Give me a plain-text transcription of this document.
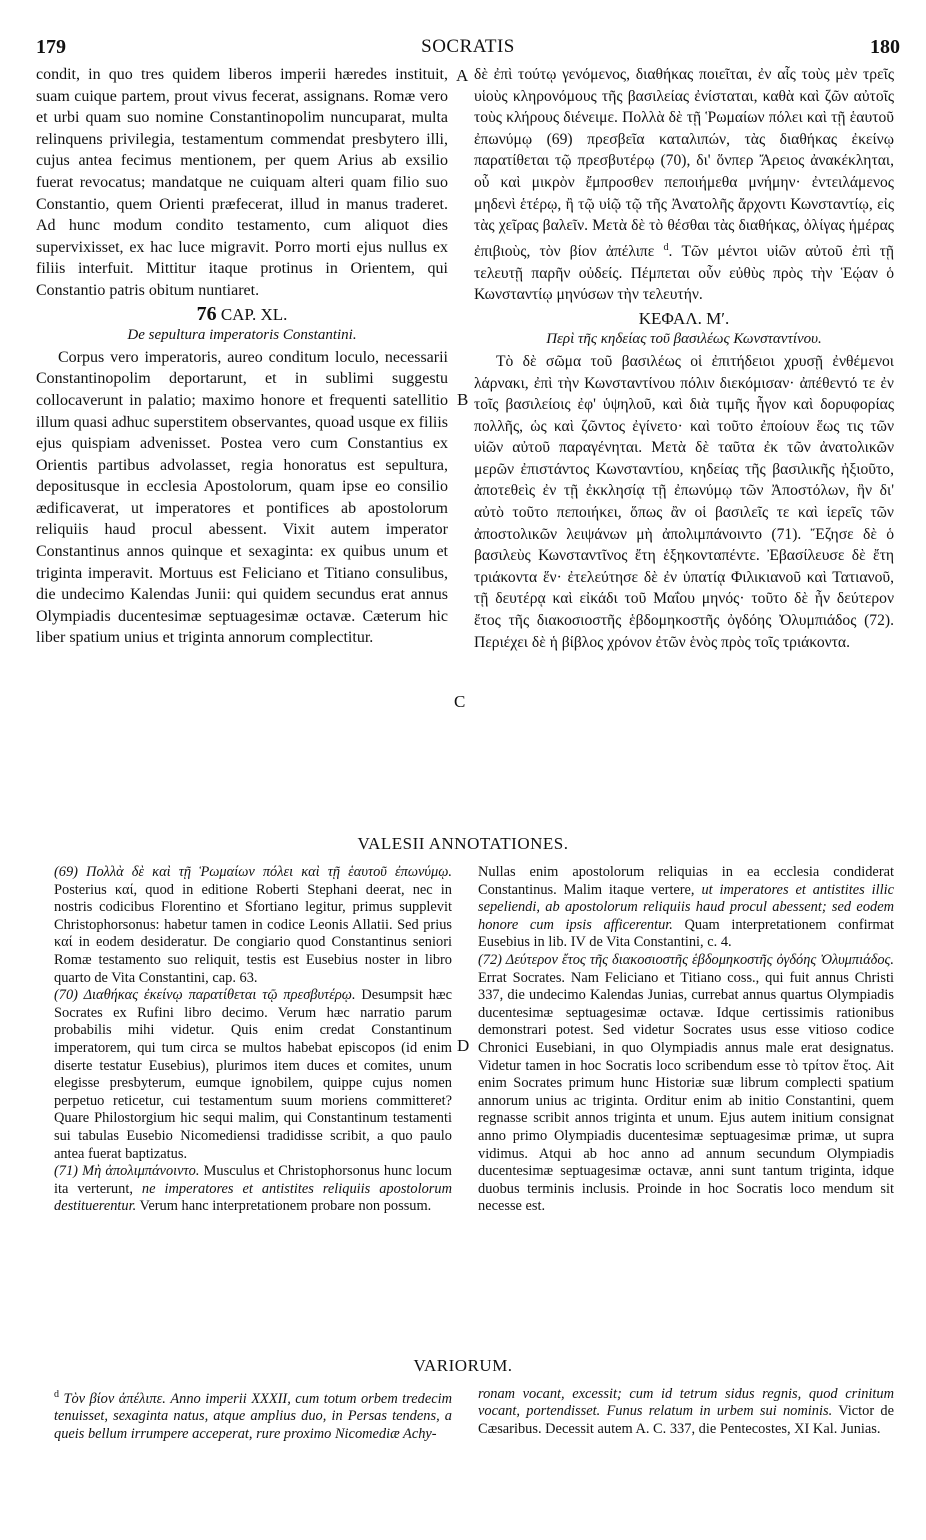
179	SOCRATIS	180
A
B
C
D

condit, in quo tres quidem liberos imperii hæredes instituit, suam cuique partem, prout vivus fecerat, assignans. Romæ vero et urbi quam suo nomine Constantinopolim nuncuparat, multa relinquens privilegia, testamentum commendat presbytero illi, cujus antea fecimus mentionem, per quem Arius ab exsilio fuerat revocatus; mandatque ne cuiquam alteri quam filio suo Constantio, quem Orienti præfecerat, illud in manus traderet. Ad hunc modum condito testamento, cum aliquot dies supervixisset, ex hac luce migravit. Porro morti ejus nullus ex filiis interfuit. Mittitur itaque protinus in Orientem, qui Constantio patris obitum nuntiaret.

76 CAP. XL.

De sepultura imperatoris Constantini.

Corpus vero imperatoris, aureo conditum loculo, necessarii Constantinopolim deportarunt, et in sublimi suggestu collocaverunt in palatio; maximo honore et frequenti satellitio illum quasi adhuc superstitem observantes, quoad usque ex filiis ejus quispiam advenisset. Postea vero cum Constantius ex Orientis partibus advolasset, regia honoratus est sepultura, depositusque in ecclesia Apostolorum, quam ipse eo consilio ædificaverat, ut imperatores et pontifices ab apostolorum reliquiis haud procul abessent. Vixit autem imperator Constantinus annos quinque et sexaginta: ex quibus unum et triginta imperavit. Mortuus est Feliciano et Titiano consulibus, die undecimo Kalendas Junii: qui quidem secundus erat annus Olympiadis ducentesimæ septuagesimæ octavæ. Cæterum hic liber spatium unius et triginta annorum complectitur.

δὲ ἐπὶ τούτῳ γενόμενος, διαθήκας ποιεῖται, ἐν αἷς τοὺς μὲν τρεῖς υἱοὺς κληρονόμους τῆς βασιλείας ἐνίσταται, καθὰ καὶ ζῶν αὐτοῖς τοὺς κλήρους διένειμε. Πολλὰ δὲ τῇ Ῥωμαίων πόλει καὶ τῇ ἑαυτοῦ ἐπωνύμῳ (69) πρεσβεῖα καταλιπών, τὰς διαθήκας ἐκείνῳ παρατίθεται τῷ πρεσβυτέρῳ (70), δι' ὅνπερ Ἄρειος ἀνακέκληται, οὗ καὶ μικρὸν ἔμπροσθεν πεποιήμεθα μνήμην· ἐντειλάμενος μηδενὶ ἑτέρῳ, ἢ τῷ υἱῷ τῷ τῆς Ἀνατολῆς ἄρχοντι Κωνσταντίῳ, εἰς τὰς χεῖρας βαλεῖν. Μετὰ δὲ τὸ θέσθαι τὰς διαθήκας, ὀλίγας ἡμέρας ἐπιβιοὺς, τὸν βίον ἀπέλιπε $^d$. Τῶν μέντοι υἱῶν αὐτοῦ ἐπὶ τῇ τελευτῇ παρῆν οὐδείς. Πέμπεται οὖν εὐθὺς πρὸς τὴν Ἑῴαν ὁ Κωνσταντίῳ μηνύσων τὴν τελευτήν.

ΚΕΦΑΛ. Μʹ.

Περὶ τῆς κηδείας τοῦ βασιλέως Κωνσταντίνου.

Τὸ δὲ σῶμα τοῦ βασιλέως οἱ ἐπιτήδειοι χρυσῇ ἐνθέμενοι λάρνακι, ἐπὶ τὴν Κωνσταντίνου πόλιν διεκόμισαν· ἀπέθεντό τε ἐν τοῖς βασιλείοις ἐφ' ὑψηλοῦ, καὶ διὰ τιμῆς ἦγον καὶ δορυφορίας πολλῆς, ὡς καὶ ζῶντος ἐγίνετο· καὶ τοῦτο ἐποίουν ἕως τις τῶν υἱῶν αὐτοῦ παραγένηται. Μετὰ δὲ ταῦτα ἐκ τῶν ἀνατολικῶν μερῶν ἐπιστάντος Κωνσταντίου, κηδείας τῆς βασιλικῆς ἠξιοῦτο, ἀποτεθεὶς ἐν τῇ ἐκκλησίᾳ τῇ ἐπωνύμῳ τῶν Ἀποστόλων, ἣν δι' αὐτὸ τοῦτο πεποιήκει, ὅπως ἂν οἱ βασιλεῖς τε καὶ ἱερεῖς τῶν ἀποστολικῶν λειψάνων μὴ ἀπολιμπάνοιντο (71). Ἔζησε δὲ ὁ βασιλεὺς Κωνσταντῖνος ἔτη ἑξηκονταπέντε. Ἐβασίλευσε δὲ ἔτη τριάκοντα ἕν· ἐτελεύτησε δὲ ἐν ὑπατίᾳ Φιλικιανοῦ καὶ Τατιανοῦ, τῇ δευτέρᾳ καὶ εἰκάδι τοῦ Μαΐου μηνός· τοῦτο δὲ ἦν δεύτερον ἔτος τῆς διακοσιοστῆς ἑβδομηκοστῆς ὀγδόης Ὀλυμπιάδος (72). Περιέχει δὲ ἡ βίβλος χρόνον ἐτῶν ἑνὸς πρὸς τοῖς τριάκοντα.

VALESII ANNOTATIONES.

(69) Πολλὰ δὲ καὶ τῇ Ῥωμαίων πόλει καὶ τῇ ἑαυτοῦ ἐπωνύμῳ. Posterius καί, quod in editione Roberti Stephani deerat, nec in nostris codicibus Florentino et Sfortiano legitur, primus supplevit Christophorsonus: habetur tamen in codice Leonis Allatii. Sed prius καί in eodem desideratur. De congiario quod Constantinus seniori Romæ testamento suo reliquit, testis est Eusebius noster in libro quarto de Vita Constantini, cap. 63.

(70) Διαθήκας ἐκείνῳ παρατίθεται τῷ πρεσβυτέρῳ. Desumpsit hæc Socrates ex Rufini libro decimo. Verum hæc narratio parum probabilis mihi videtur. Quis enim credat Constantinum imperatorem, qui tum circa se multos habebat episcopos (id enim diserte testatur Eusebius), plurimos item duces et comites, unum elegisse presbyterum, eumque ignobilem, quippe cujus nomen perpetuo reticetur, cui testamentum suum moriens committeret? Quare Philostorgium hic sequi malim, qui Constantinum testamenti sui tabulas Eusebio Nicomediensi tradidisse scribit, a quo paulo antea fuerat baptizatus.

(71) Μὴ ἀπολιμπάνοιντο. Musculus et Christophorsonus hunc locum ita verterunt, ne imperatores et antistites reliquiis apostolorum destituerentur. Verum hanc interpretationem probare non possum.

Nullas enim apostolorum reliquias in ea ecclesia condiderat Constantinus. Malim itaque vertere, ut imperatores et antistites illic sepeliendi, ab apostolorum reliquiis haud procul abessent; sed eodem honore cum ipsis afficerentur. Quam interpretationem confirmat Eusebius in lib. IV de Vita Constantini, c. 4.

(72) Δεύτερον ἔτος τῆς διακοσιοστῆς ἑβδομηκοστῆς ὀγδόης Ὀλυμπιάδος. Errat Socrates. Nam Feliciano et Titiano coss., qui fuit annus Christi 337, die undecimo Kalendas Junias, currebat annus quartus Olympiadis ducentesimæ septuagesimæ octavæ. Idque certissimis rationibus demonstrari potest. Sed videtur Socrates usus esse vitioso codice Chronici Eusebiani, in quo Olympiadis annus male erat designatus. Videtur tamen in hoc Socratis loco scribendum esse τὸ τρίτον ἔτος. Ait enim Socrates primum hunc Historiæ suæ librum complecti spatium annorum unius ac triginta. Orditur enim ab initio Constantini, quem regnasse scribit annos triginta et unum. Ejus autem initium consignat anno primo Olympiadis ducentesimæ septuagesimæ primæ, ut supra vidimus. Atqui ab hoc anno ad annum secundum Olympiadis ducentesimæ septuagesimæ octavæ, anni sunt tantum triginta, idque duobus terminis inclusis. Proinde in hoc Socratis loco mendum sit necesse est.

VARIORUM.

$^d$ Τὸν βίον ἀπέλιπε. Anno imperii XXXII, cum totum orbem tredecim tenuisset, sexaginta natus, atque amplius duo, in Persas tendens, a queis bellum irrumpere acceperat, rure proximo Nicomediæ Achy-

ronam vocant, excessit; cum id tetrum sidus regnis, quod crinitum vocant, portendisset. Funus relatum in urbem sui nominis. Victor de Cæsaribus. Decessit autem A. C. 337, die Pentecostes, XI Kal. Junias.
